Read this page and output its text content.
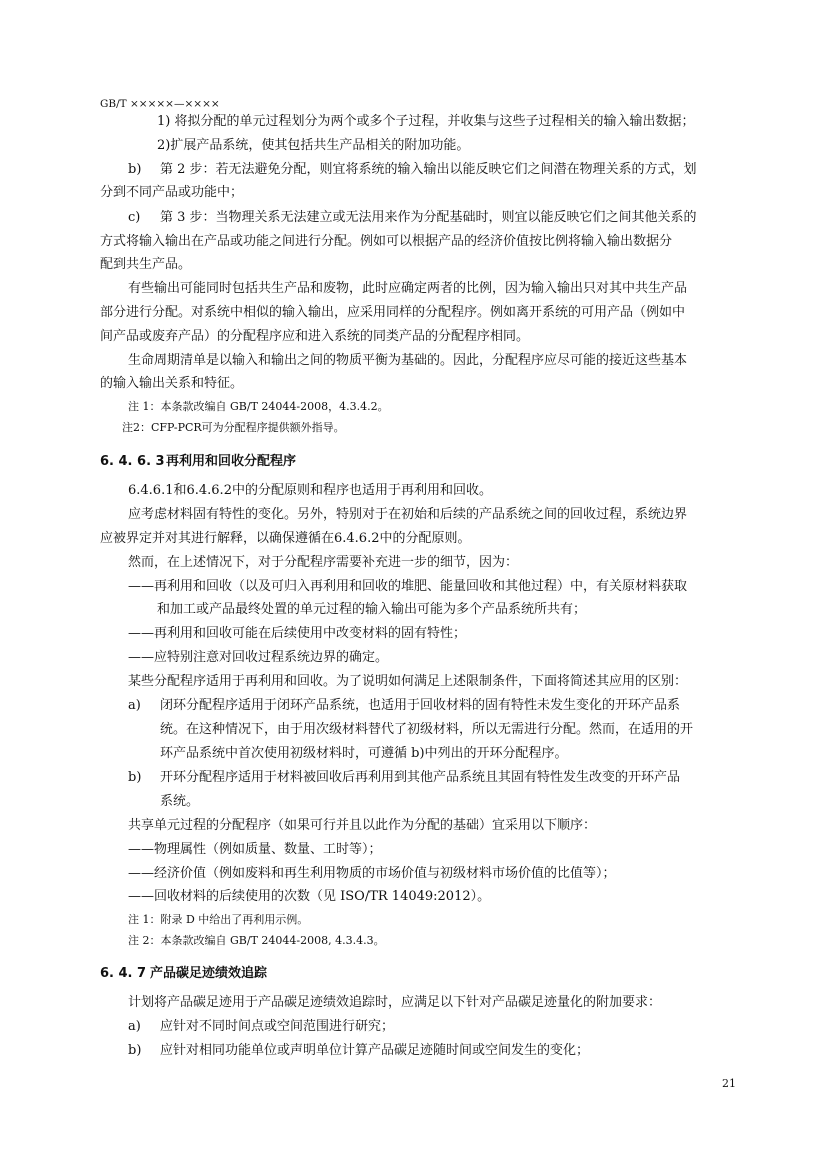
GB/T ×××××—××××
1) 将拟分配的单元过程划分为两个或多个子过程，并收集与这些子过程相关的输入输出数据；
2)扩展产品系统，使其包括共生产品相关的附加功能。
b) 第 2 步：若无法避免分配，则宜将系统的输入输出以能反映它们之间潜在物理关系的方式，划
分到不同产品或功能中；
c) 第 3 步：当物理关系无法建立或无法用来作为分配基础时，则宜以能反映它们之间其他关系的
方式将输入输出在产品或功能之间进行分配。例如可以根据产品的经济价值按比例将输入输出数据分
配到共生产品。
有些输出可能同时包括共生产品和废物，此时应确定两者的比例，因为输入输出只对其中共生产品
部分进行分配。对系统中相似的输入输出，应采用同样的分配程序。例如离开系统的可用产品（例如中
间产品或废弃产品）的分配程序应和进入系统的同类产品的分配程序相同。
生命周期清单是以输入和输出之间的物质平衡为基础的。因此，分配程序应尽可能的接近这些基本
的输入输出关系和特征。
注 1：本条款改编自 GB/T 24044-2008，4.3.4.2。
注2：CFP-PCR可为分配程序提供额外指导。
6. 4. 6. 3 再利用和回收分配程序
6.4.6.1和6.4.6.2中的分配原则和程序也适用于再利用和回收。
应考虑材料固有特性的变化。另外，特别对于在初始和后续的产品系统之间的回收过程，系统边界
应被界定并对其进行解释，以确保遵循在6.4.6.2中的分配原则。
然而，在上述情况下，对于分配程序需要补充进一步的细节，因为：
——再利用和回收（以及可归入再利用和回收的堆肥、能量回收和其他过程）中，有关原材料获取
和加工或产品最终处置的单元过程的输入输出可能为多个产品系统所共有；
——再利用和回收可能在后续使用中改变材料的固有特性；
——应特别注意对回收过程系统边界的确定。
某些分配程序适用于再利用和回收。为了说明如何满足上述限制条件，下面将简述其应用的区别：
a) 闭环分配程序适用于闭环产品系统，也适用于回收材料的固有特性未发生变化的开环产品系
统。在这种情况下，由于用次级材料替代了初级材料，所以无需进行分配。然而，在适用的开
环产品系统中首次使用初级材料时，可遵循 b)中列出的开环分配程序。
b) 开环分配程序适用于材料被回收后再利用到其他产品系统且其固有特性发生改变的开环产品
系统。
共享单元过程的分配程序（如果可行并且以此作为分配的基础）宜采用以下顺序：
——物理属性（例如质量、数量、工时等）；
——经济价值（例如废料和再生利用物质的市场价值与初级材料市场价值的比值等）；
——回收材料的后续使用的次数（见 ISO/TR 14049:2012）。
注 1：附录 D 中给出了再利用示例。
注 2：本条款改编自 GB/T 24044-2008, 4.3.4.3。
6. 4. 7 产品碳足迹绩效追踪
计划将产品碳足迹用于产品碳足迹绩效追踪时，应满足以下针对产品碳足迹量化的附加要求：
a) 应针对不同时间点或空间范围进行研究；
b) 应针对相同功能单位或声明单位计算产品碳足迹随时间或空间发生的变化；
21
